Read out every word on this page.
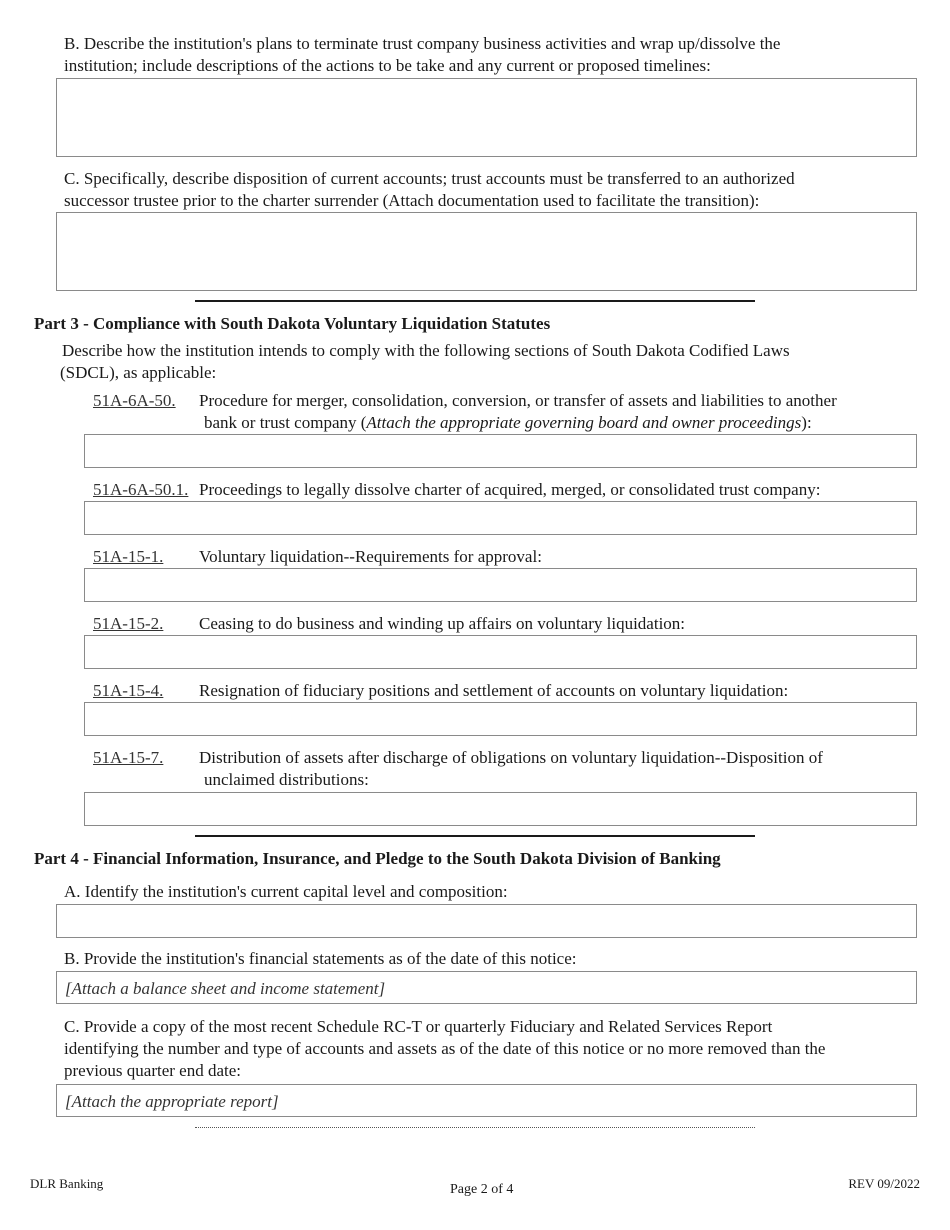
B. Describe the institution's plans to terminate trust company business activities and wrap up/dissolve the
institution; include descriptions of the actions to be take and any current or proposed timelines:
C. Specifically, describe disposition of current accounts; trust accounts must be transferred to an authorized
successor trustee prior to the charter surrender (Attach documentation used to facilitate the transition):
Part 3 - Compliance with South Dakota Voluntary Liquidation Statutes
Describe how the institution intends to comply with the following sections of South Dakota Codified Laws
(SDCL), as applicable:
51A-6A-50. Procedure for merger, consolidation, conversion, or transfer of assets and liabilities to another
bank or trust company (Attach the appropriate governing board and owner proceedings):
51A-6A-50.1. Proceedings to legally dissolve charter of acquired, merged, or consolidated trust company:
51A-15-1. Voluntary liquidation--Requirements for approval:
51A-15-2. Ceasing to do business and winding up affairs on voluntary liquidation:
51A-15-4. Resignation of fiduciary positions and settlement of accounts on voluntary liquidation:
51A-15-7. Distribution of assets after discharge of obligations on voluntary liquidation--Disposition of
unclaimed distributions:
Part 4 - Financial Information, Insurance, and Pledge to the South Dakota Division of Banking
A. Identify the institution's current capital level and composition:
B. Provide the institution's financial statements as of the date of this notice:
[Attach a balance sheet and income statement]
C. Provide a copy of the most recent Schedule RC-T or quarterly Fiduciary and Related Services Report
identifying the number and type of accounts and assets as of the date of this notice or no more removed than the
previous quarter end date:
[Attach the appropriate report]
DLR Banking	Page 2 of 4	REV 09/2022
